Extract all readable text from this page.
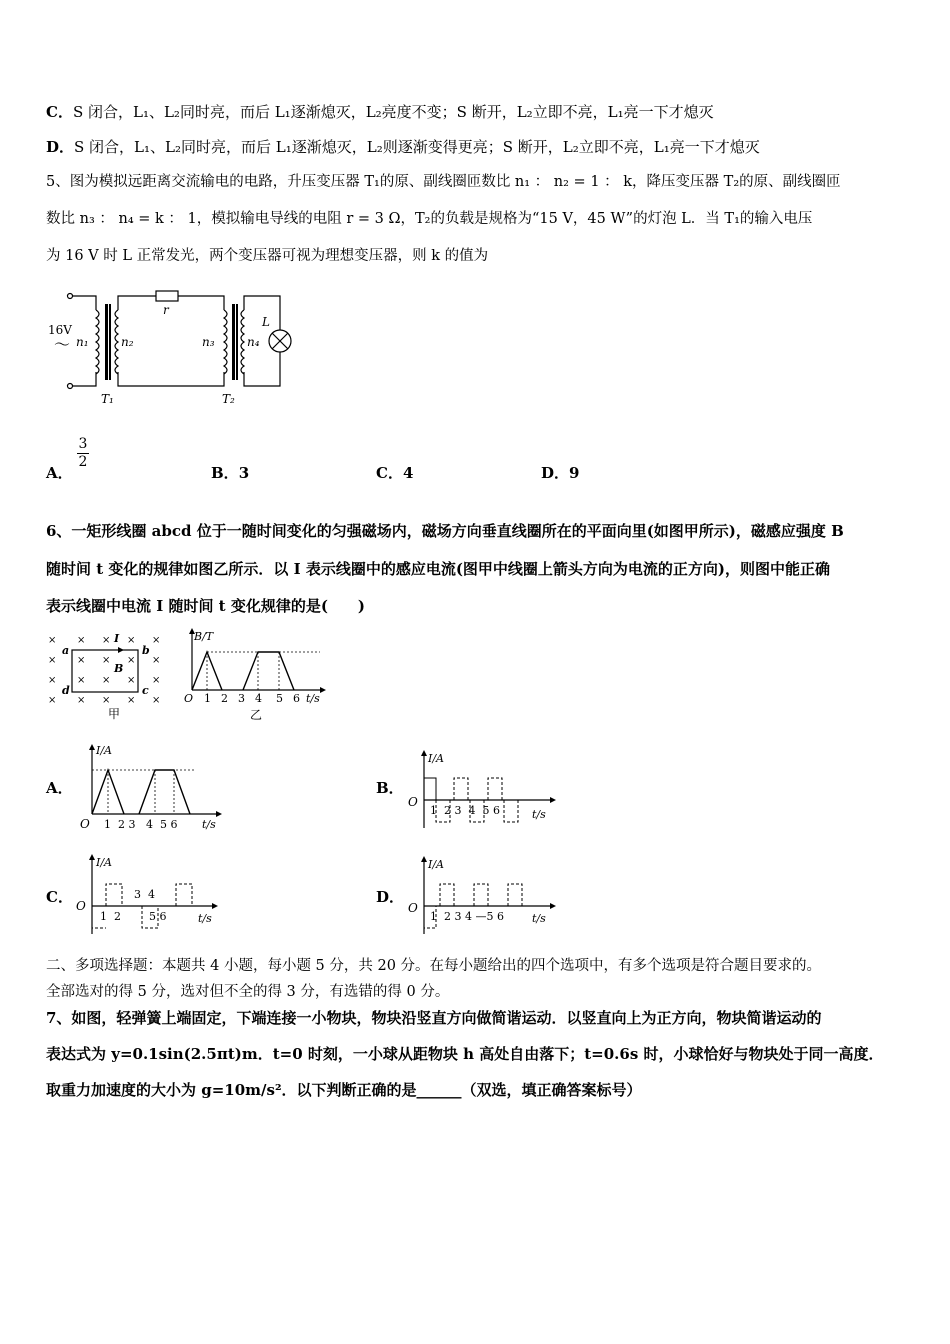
C．S 闭合，L₁、L₂同时亮，而后 L₁逐渐熄灭，L₂亮度不变；S 断开，L₂立即不亮，L₁亮一下才熄灭
D．S 闭合，L₁、L₂同时亮，而后 L₁逐渐熄灭，L₂则逐渐变得更亮；S 断开，L₂立即不亮，L₁亮一下才熄灭
5、图为模拟远距离交流输电的电路，升压变压器 T₁的原、副线圈匝数比 n₁ ： n₂ = 1 ： k，降压变压器 T₂的原、副线圈匝
数比 n₃ ： n₄ = k ： 1，模拟输电导线的电阻 r = 3 Ω，T₂的负载是规格为“15 V，45 W”的灯泡 L．当 T₁的输入电压
为 16 V 时 L 正常发光，两个变压器可视为理想变压器，则 k 的值为
16V
～ n₁	n₂	n₃	n₄
r
L
T₁	T₂
A．
3
2
B．3	C．4	D．9
6、一矩形线圈 abcd 位于一随时间变化的匀强磁场内，磁场方向垂直线圈所在的平面向里(如图甲所示)，磁感应强度 B
随时间 t 变化的规律如图乙所示．以 I 表示线圈中的感应电流(图甲中线圈上箭头方向为电流的正方向)，则图中能正确
表示线圈中电流 I 随时间 t 变化规律的是(　　)
× × × × ×
× × × × ×
× × × × ×
× × × × ×
a	b
c
d
I
B
甲
B/T
O 1 2 3 4 5 6 t/s
乙
A．
I/A
O 1  2 3   4  5 6 t/s
B．
I/A
O
1  2 3  4  5 6	t/s
C．
I/A
O
3  4
1  2        5 6	t/s
D．
I/A
O
1  2 3 4 —5 6	t/s
二、多项选择题：本题共 4 小题，每小题 5 分，共 20 分。在每小题给出的四个选项中，有多个选项是符合题目要求的。
全部选对的得 5 分，选对但不全的得 3 分，有选错的得 0 分。
7、如图，轻弹簧上端固定，下端连接一小物块，物块沿竖直方向做简谐运动．以竖直向上为正方向，物块简谐运动的
表达式为 y=0.1sin(2.5πt)m．t=0 时刻，一小球从距物块 h 高处自由落下；t=0.6s 时，小球恰好与物块处于同一高度．
取重力加速度的大小为 g=10m/s²．以下判断正确的是______（双选，填正确答案标号）
